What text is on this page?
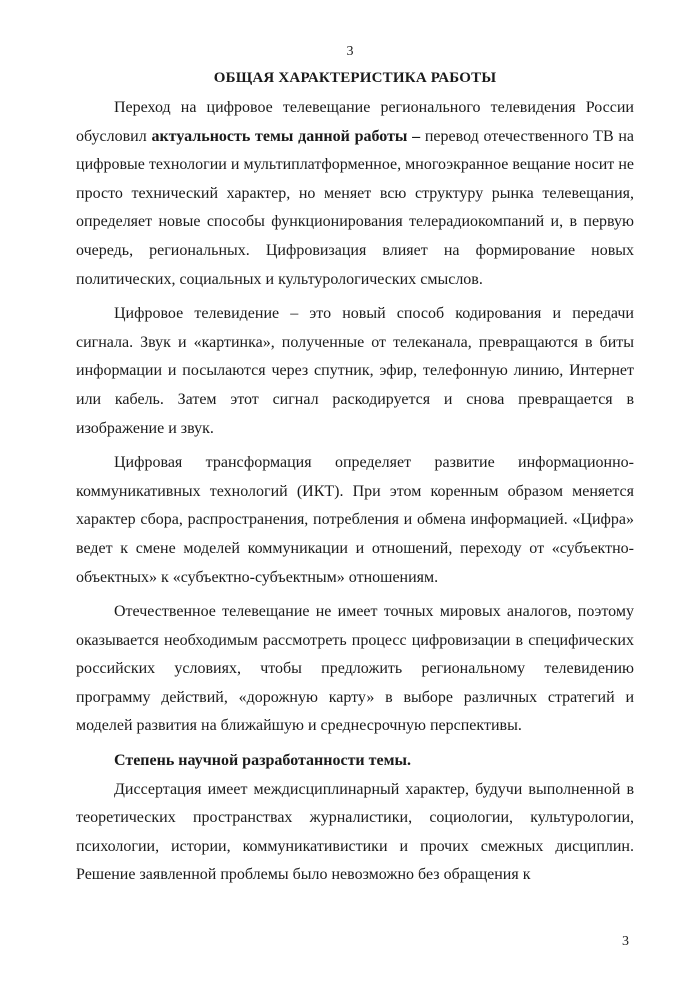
3
ОБЩАЯ ХАРАКТЕРИСТИКА РАБОТЫ

Переход на цифровое телевещание регионального телевидения России обусловил актуальность темы данной работы – перевод отечественного ТВ на цифровые технологии и мультиплатформенное, многоэкранное вещание носит не просто технический характер, но меняет всю структуру рынка телевещания, определяет новые способы функционирования телерадиокомпаний и, в первую очередь, региональных. Цифровизация влияет на формирование новых политических, социальных и культурологических смыслов.

Цифровое телевидение – это новый способ кодирования и передачи сигнала. Звук и «картинка», полученные от телеканала, превращаются в биты информации и посылаются через спутник, эфир, телефонную линию, Интернет или кабель. Затем этот сигнал раскодируется и снова превращается в изображение и звук.

Цифровая трансформация определяет развитие информационно-коммуникативных технологий (ИКТ). При этом коренным образом меняется характер сбора, распространения, потребления и обмена информацией. «Цифра» ведет к смене моделей коммуникации и отношений, переходу от «субъектно-объектных» к «субъектно-субъектным» отношениям.

Отечественное телевещание не имеет точных мировых аналогов, поэтому оказывается необходимым рассмотреть процесс цифровизации в специфических российских условиях, чтобы предложить региональному телевидению программу действий, «дорожную карту» в выборе различных стратегий и моделей развития на ближайшую и среднесрочную перспективы.

Степень научной разработанности темы.

Диссертация имеет междисциплинарный характер, будучи выполненной в теоретических пространствах журналистики, социологии, культурологии, психологии, истории, коммуникативистики и прочих смежных дисциплин. Решение заявленной проблемы было невозможно без обращения к

3
